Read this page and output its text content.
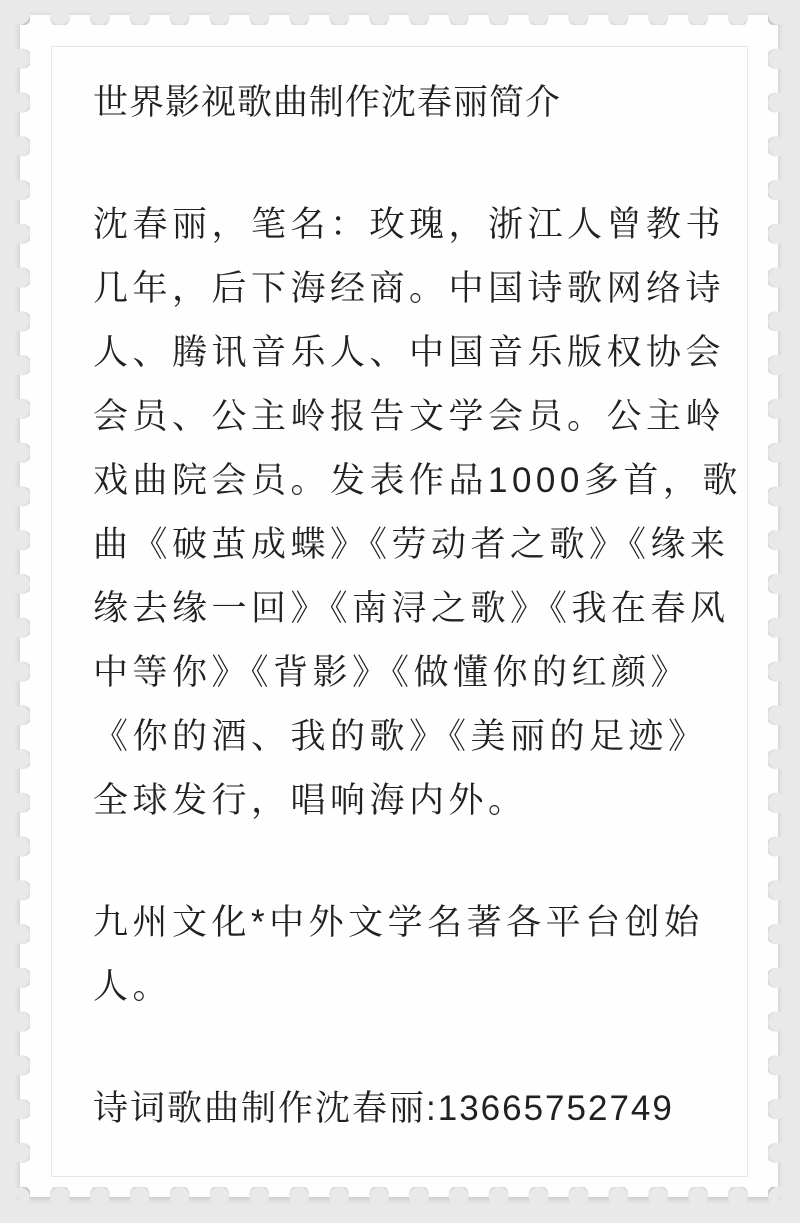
世界影视歌曲制作沈春丽简介
沈春丽，笔名：玫瑰，浙江人曾教书
几年，后下海经商。中国诗歌网络诗
人、腾讯音乐人、中国音乐版权协会
会员、公主岭报告文学会员。公主岭
戏曲院会员。发表作品1000多首，歌
曲《破茧成蝶》《劳动者之歌》《缘来
缘去缘一回》《南浔之歌》《我在春风
中等你》《背影》《做懂你的红颜》
《你的酒、我的歌》《美丽的足迹》
全球发行，唱响海内外。
九州文化*中外文学名著各平台创始
人。
诗词歌曲制作沈春丽:13665752749
